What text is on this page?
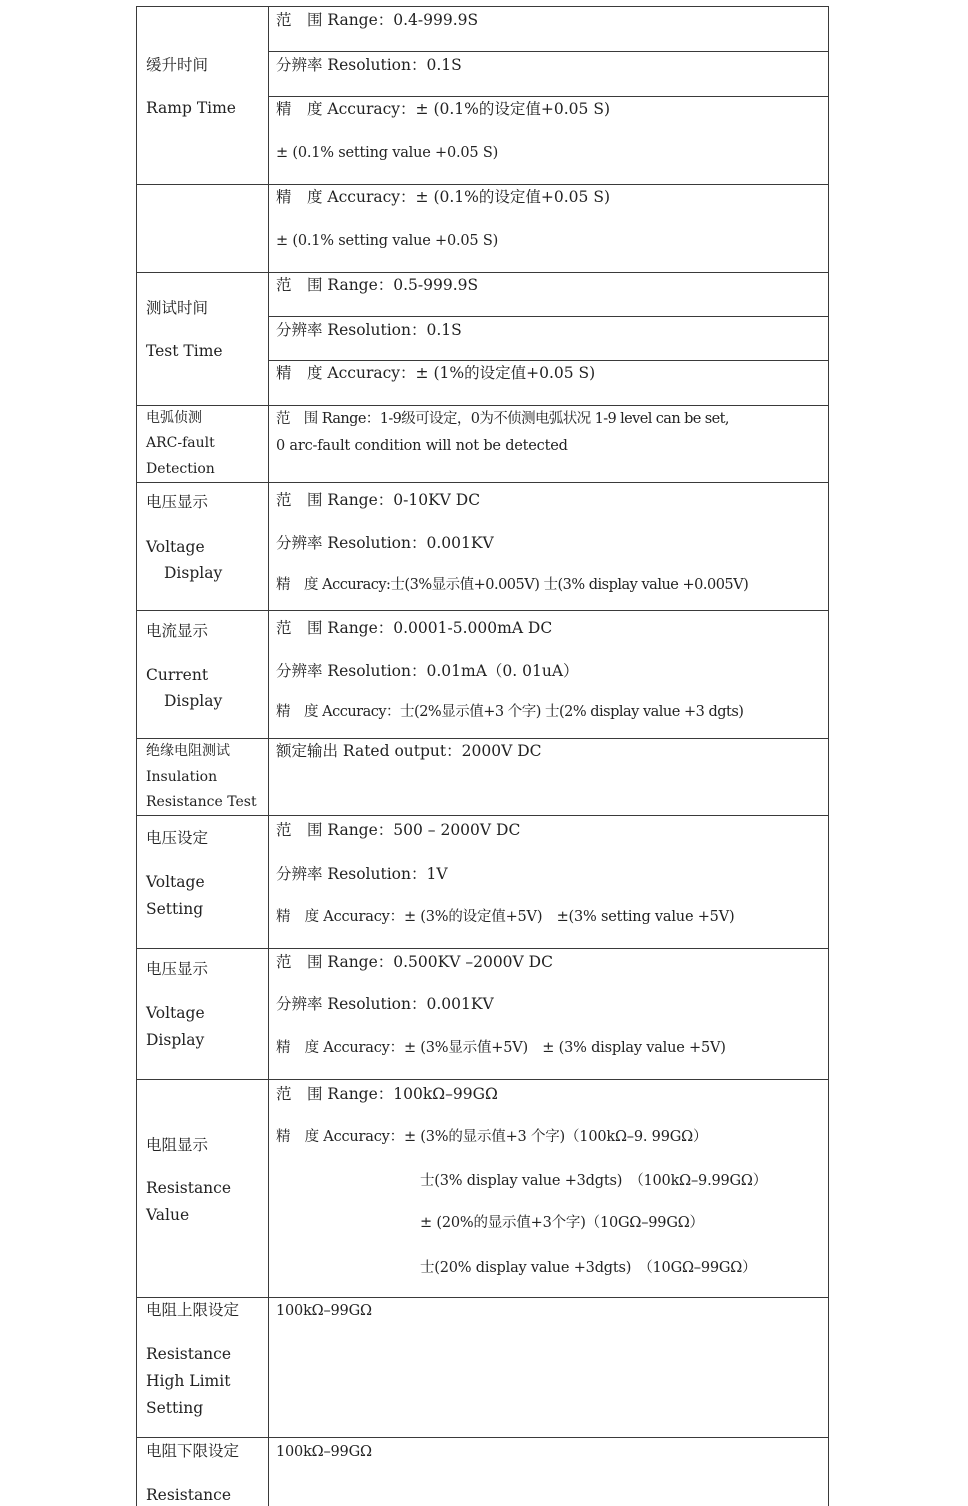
缓升时间
Ramp Time
范　围 Range：0.4-999.9S
分辨率 Resolution：0.1S
精　度 Accuracy：± (0.1%的设定值+0.05 S)
± (0.1% setting value +0.05 S)
精　度 Accuracy：± (0.1%的设定值+0.05 S)
± (0.1% setting value +0.05 S)
测试时间
Test Time
范　围 Range：0.5-999.9S
分辨率 Resolution：0.1S
精　度 Accuracy：± (1%的设定值+0.05 S)
电弧侦测
ARC-fault
Detection
范　围 Range：1-9级可设定，0为不侦测电弧状况 1-9 level can be set,
0 arc-fault condition will not be detected
电压显示
Voltage
Display
范　围 Range：0-10KV DC
分辨率 Resolution：0.001KV
精　度 Accuracy:士(3%显示值+0.005V) 士(3% display value +0.005V)
电流显示
Current
Display
范　围 Range：0.0001-5.000mA DC
分辨率 Resolution：0.01mA（0. 01uA）
精　度 Accuracy：士(2%显示值+3 个字) 士(2% display value +3 dgts)
绝缘电阻测试
Insulation
Resistance Test
额定输出 Rated output：2000V DC
电压设定
Voltage
Setting
范　围 Range：500 – 2000V DC
分辨率 Resolution：1V
精　度 Accuracy：± (3%的设定值+5V)　±(3% setting value +5V)
电压显示
Voltage
Display
范　围 Range：0.500KV –2000V DC
分辨率 Resolution：0.001KV
精　度 Accuracy：± (3%显示值+5V)　± (3% display value +5V)
电阻显示
Resistance
Value
范　围 Range：100kΩ–99GΩ
精　度 Accuracy：± (3%的显示值+3 个字)（100kΩ–9. 99GΩ）
士(3% display value +3dgts)　（100kΩ–9.99GΩ）
± (20%的显示值+3个字)（10GΩ–99GΩ）
士(20% display value +3dgts)　（10GΩ–99GΩ）
电阻上限设定
Resistance
High Limit
Setting
100kΩ–99GΩ
电阻下限设定
Resistance
100kΩ–99GΩ
